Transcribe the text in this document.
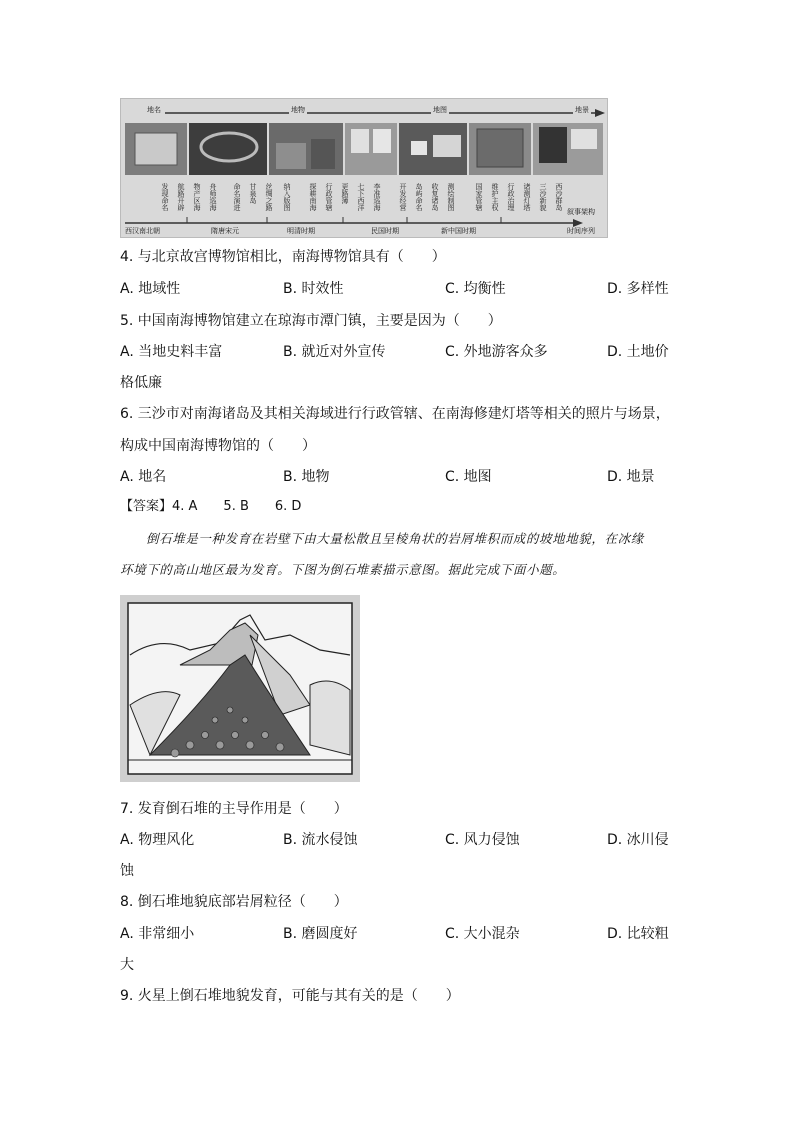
地名	地物	地图	地景
发现命名 航路开辟 物产区海 舟师巡海 命名演进 甘泉岛 丝绸之路 纳入版图	探耕南海 行政管辖 更路簿 七下西洋 李准巡海	开发经营 岛屿命名 收复诸岛 测绘制图	国家管辖 维护主权 行政治理 诸测灯塔 三沙新貌 西沙群岛
叙事架构
西汉南北朝	隋唐宋元	明清时期	民国时期	新中国时期	时间序列
4. 与北京故宫博物馆相比，南海博物馆具有（　　）
A. 地域性	B. 时效性	C. 均衡性	D. 多样性
5. 中国南海博物馆建立在琼海市潭门镇，主要是因为（　　）
A. 当地史料丰富	B. 就近对外宣传	C. 外地游客众多	D. 土地价
格低廉
6. 三沙市对南海诸岛及其相关海域进行行政管辖、在南海修建灯塔等相关的照片与场景，
构成中国南海博物馆的（　　）
A. 地名	B. 地物	C. 地图	D. 地景
【答案】4. A　　5. B　　6. D
倒石堆是一种发育在岩壁下由大量松散且呈棱角状的岩屑堆积而成的坡地地貌，在冰缘
环境下的高山地区最为发育。下图为倒石堆素描示意图。据此完成下面小题。
7. 发育倒石堆的主导作用是（　　）
A. 物理风化	B. 流水侵蚀	C. 风力侵蚀	D. 冰川侵
蚀
8. 倒石堆地貌底部岩屑粒径（　　）
A. 非常细小	B. 磨圆度好	C. 大小混杂	D. 比较粗
大
9. 火星上倒石堆地貌发育，可能与其有关的是（　　）
